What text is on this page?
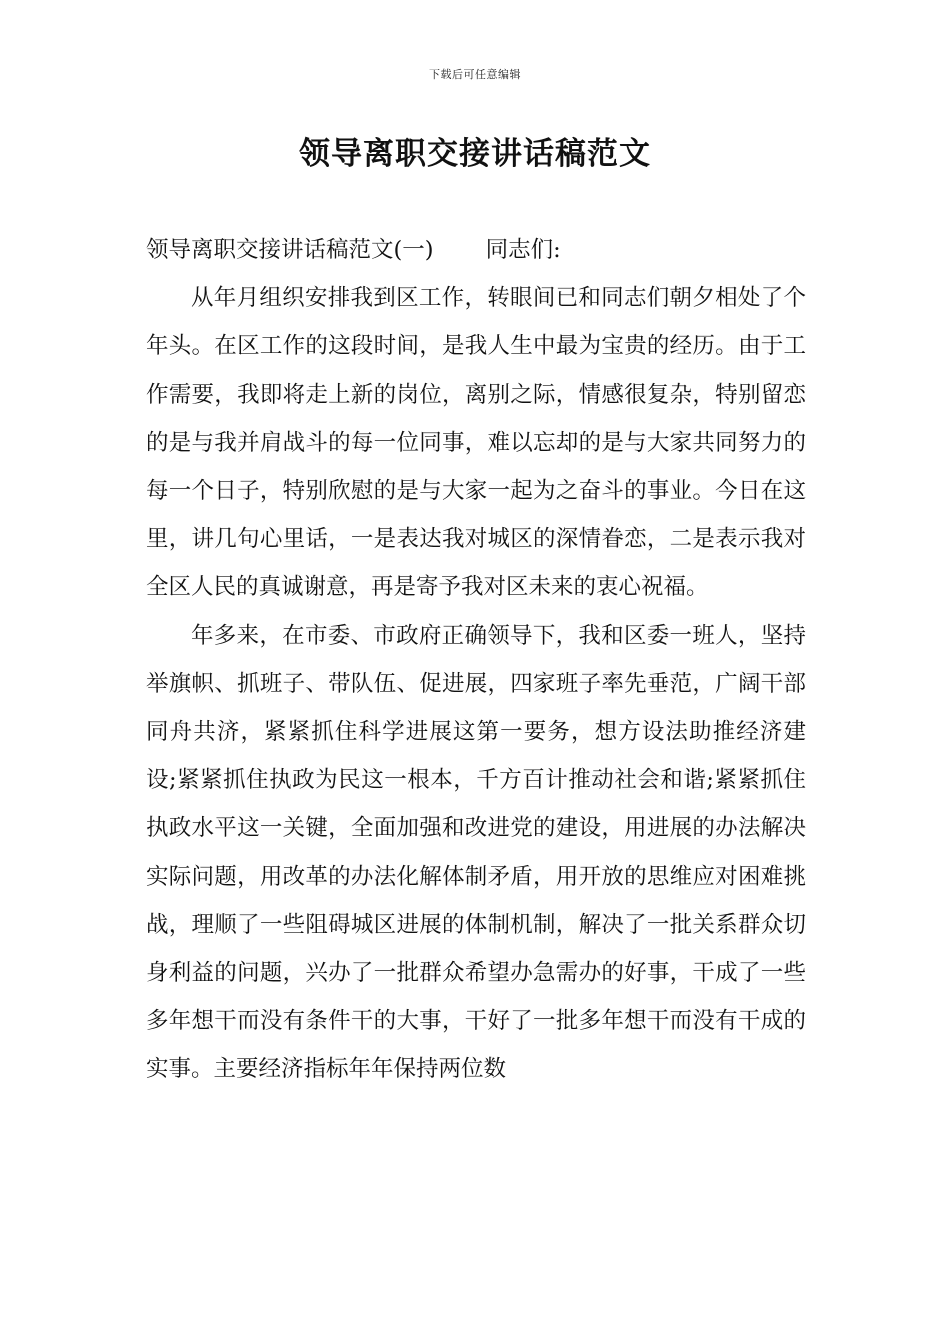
下载后可任意编辑
领导离职交接讲话稿范文

领导离职交接讲话稿范文(一) 同志们:

从年月组织安排我到区工作，转眼间已和同志们朝夕相处了个年头。在区工作的这段时间，是我人生中最为宝贵的经历。由于工作需要，我即将走上新的岗位，离别之际，情感很复杂，特别留恋的是与我并肩战斗的每一位同事，难以忘却的是与大家共同努力的每一个日子，特别欣慰的是与大家一起为之奋斗的事业。今日在这里，讲几句心里话，一是表达我对城区的深情眷恋，二是表示我对全区人民的真诚谢意，再是寄予我对区未来的衷心祝福。

年多来，在市委、市政府正确领导下，我和区委一班人，坚持举旗帜、抓班子、带队伍、促进展，四家班子率先垂范，广阔干部同舟共济，紧紧抓住科学进展这第一要务，想方设法助推经济建设;紧紧抓住执政为民这一根本，千方百计推动社会和谐;紧紧抓住执政水平这一关键，全面加强和改进党的建设，用进展的办法解决实际问题，用改革的办法化解体制矛盾，用开放的思维应对困难挑战，理顺了一些阻碍城区进展的体制机制，解决了一批关系群众切身利益的问题，兴办了一批群众希望办急需办的好事，干成了一些多年想干而没有条件干的大事，干好了一批多年想干而没有干成的实事。主要经济指标年年保持两位数
